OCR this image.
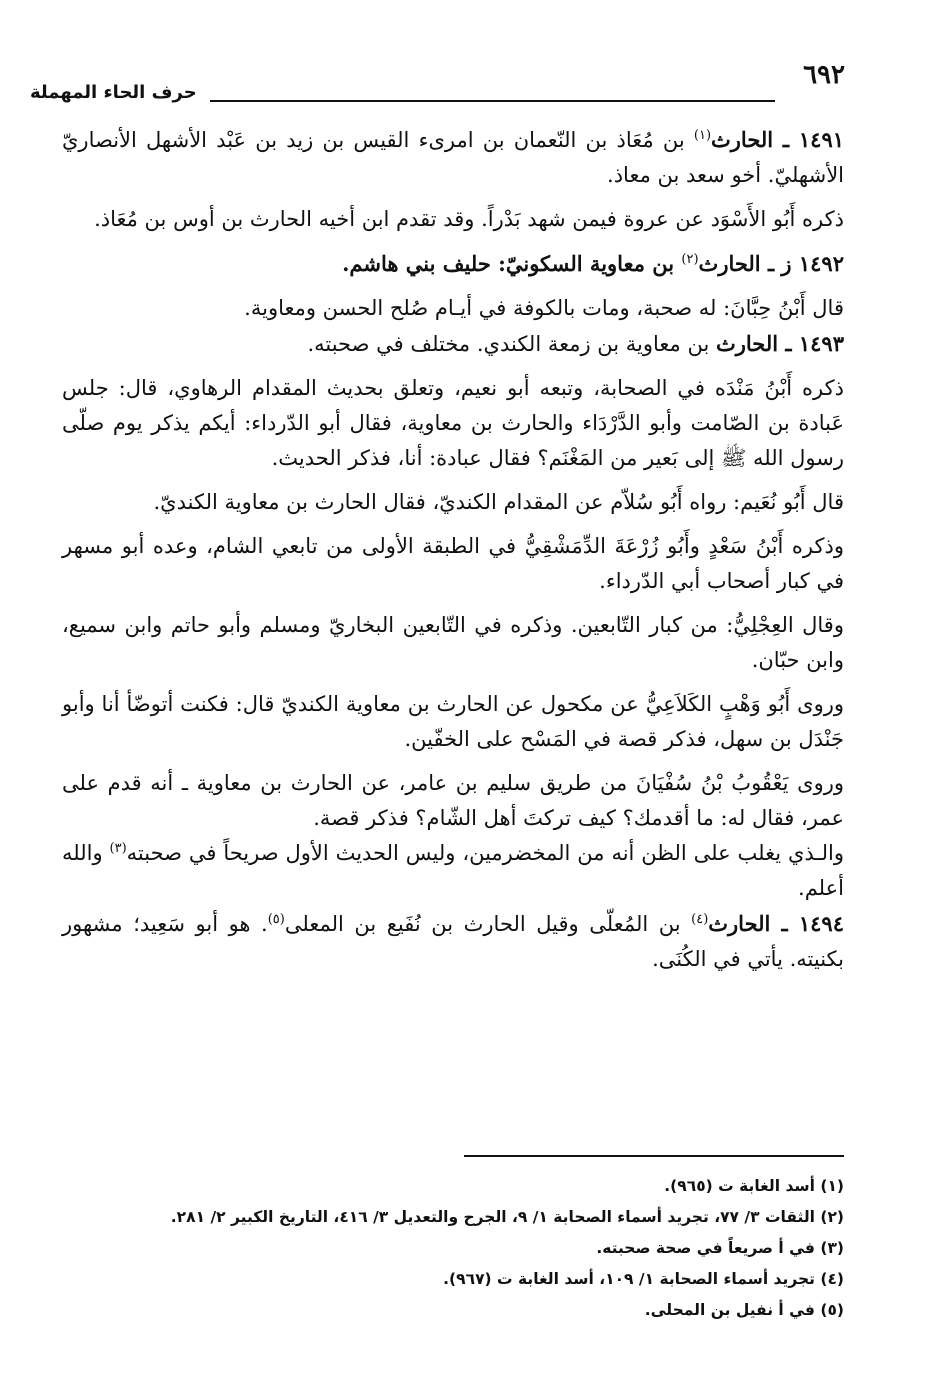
٦٩٢
حرف الحاء المهملة

١٤٩١ ـ الحارث$^{(١)}$ بن مُعَاذ بن النّعمان بن امرىء القيس بن زيد بن عَبْد الأشهل الأنصاريّ الأشهليّ. أخو سعد بن معاذ.

ذكره أَبُو الأَسْوَد عن عروة فيمن شهد بَدْراً. وقد تقدم ابن أخيه الحارث بن أوس بن مُعَاذ.

١٤٩٢ ز ـ الحارث$^{(٢)}$ بن معاوية السكونيّ: حليف بني هاشم.

قال أَبْنُ حِبَّانَ: له صحبة، ومات بالكوفة في أيـام صُلح الحسن ومعاوية.

١٤٩٣ ـ الحارث بن معاوية بن زمعة الكندي. مختلف في صحبته.

ذكره أَبْنُ مَنْدَه في الصحابة، وتبعه أبو نعيم، وتعلق بحديث المقدام الرهاوي، قال: جلس عَبادة بن الصّامت وأبو الدَّرْدَاء والحارث بن معاوية، فقال أبو الدّرداء: أيكم يذكر يوم صلّى رسول الله ﷺ إلى بَعير من المَغْنَم؟ فقال عبادة: أنا، فذكر الحديث.

قال أَبُو نُعَيم: رواه أَبُو سُلاّم عن المقدام الكنديّ، فقال الحارث بن معاوية الكنديّ.

وذكره أَبْنُ سَعْدٍ وأَبُو زُرْعَةَ الدِّمَشْقِيُّ في الطبقة الأولى من تابعي الشام، وعده أبو مسهر في كبار أصحاب أبي الدّرداء.

وقال العِجْلِيُّ: من كبار التّابعين. وذكره في التّابعين البخاريّ ومسلم وأبو حاتم وابن سميع، وابن حبّان.

وروى أَبُو وَهْبٍ الكَلاَعِيُّ عن مكحول عن الحارث بن معاوية الكنديّ قال: فكنت أتوضّأ أنا وأبو جَنْدَل بن سهل، فذكر قصة في المَسْح على الخفّين.

وروى يَعْقُوبُ بْنُ سُفْيَانَ من طريق سليم بن عامر، عن الحارث بن معاوية ـ أنه قدم على عمر، فقال له: ما أقدمك؟ كيف تركتَ أهل الشّام؟ فذكر قصة.

والـذي يغلب على الظن أنه من المخضرمين، وليس الحديث الأول صريحاً في صحبته$^{(٣)}$ والله أعلم.

١٤٩٤ ـ الحارث$^{(٤)}$ بن المُعلّى وقيل الحارث بن نُفَيع بن المعلى$^{(٥)}$. هو أبو سَعِيد؛ مشهور بكنيته. يأتي في الكُنَى.

(١) أسد الغابة ت (٩٦٥).
(٢) الثقات ٣/ ٧٧، تجريد أسماء الصحابة ١/ ٩، الجرح والتعديل ٣/ ٤١٦، التاريخ الكبير ٢/ ٢٨١.
(٣) في أ صريعاً في صحة صحبته.
(٤) تجريد أسماء الصحابة ١/ ١٠٩، أسد الغابة ت (٩٦٧).
(٥) في أ نفيل بن المحلى.
